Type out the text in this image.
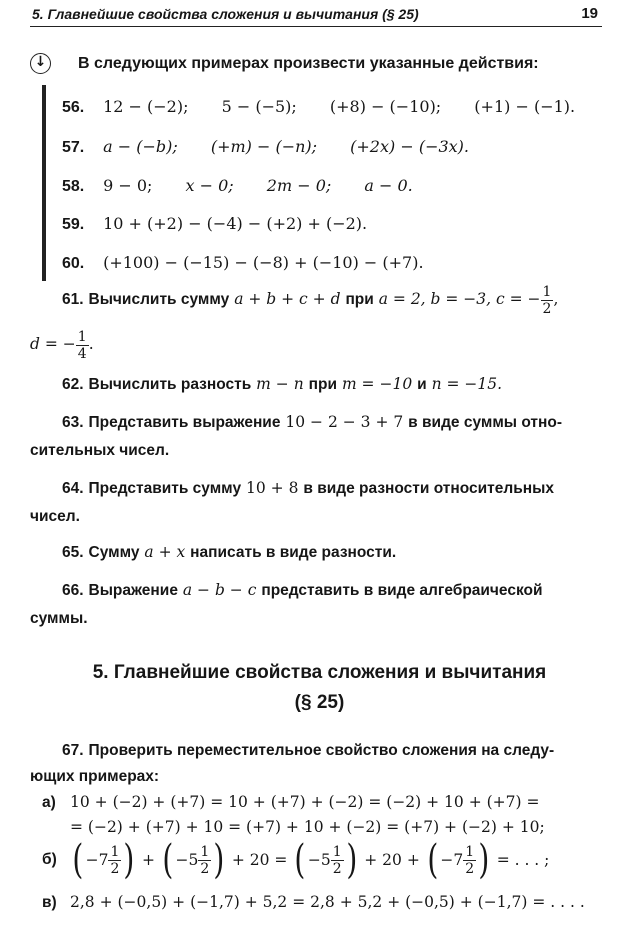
5. Главнейшие свойства сложения и вычитания (§ 25)	19
↓ В следующих примерах произвести указанные действия:
56. 12 − (−2); 5 − (−5); (+8) − (−10); (+1) − (−1).
57. a − (−b); (+m) − (−n); (+2x) − (−3x).
58. 9 − 0; x − 0; 2m − 0; a − 0.
59. 10 + (+2) − (−4) − (+2) + (−2).
60. (+100) − (−15) − (−8) + (−10) − (+7).
61. Вычислить сумму a + b + c + d при a = 2, b = −3, c = − $\frac{1}{2}$ ,
d = − $\frac{1}{4}$ .
62. Вычислить разность m − n при m = −10 и n = −15.
63. Представить выражение 10 − 2 − 3 + 7 в виде суммы отно-
сительных чисел.
64. Представить сумму 10 + 8 в виде разности относительных
чисел.
65. Сумму a + x написать в виде разности.
66. Выражение a − b − c представить в виде алгебраической
суммы.
5. Главнейшие свойства сложения и вычитания
(§ 25)
67. Проверить переместительное свойство сложения на следу-
ющих примерах:
а) 10 + (−2) + (+7) = 10 + (+7) + (−2) = (−2) + 10 + (+7) =
= (−2) + (+7) + 10 = (+7) + 10 + (−2) = (+7) + (−2) + 10;
б) ( $-7 \frac{1}{2}$ ) + ( $-5 \frac{1}{2}$ ) + 20 = ( $-5 \frac{1}{2}$ ) + 20 + ( $-7 \frac{1}{2}$ ) = . . . ;
в) 2,8 + (−0,5) + (−1,7) + 5,2 = 2,8 + 5,2 + (−0,5) + (−1,7) = . . . .
